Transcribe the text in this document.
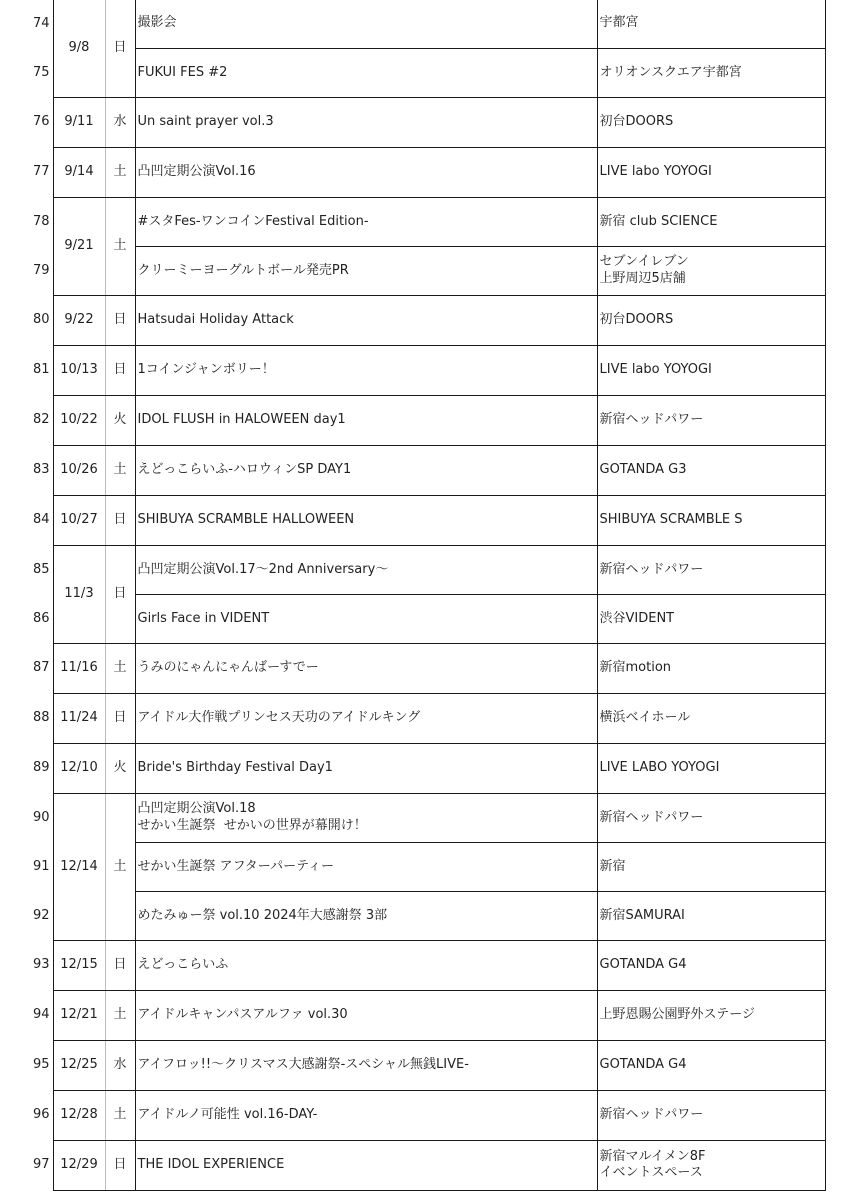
74	9/8	日	撮影会	宇都宮
75			FUKUI FES #2	オリオンスクエア宇都宮
76	9/11	水	Un saint prayer vol.3	初台DOORS
77	9/14	土	凸凹定期公演Vol.16	LIVE labo YOYOGI
78	9/21	土	#スタFes-ワンコインFestival Edition-	新宿 club SCIENCE
79			クリーミーヨーグルトボール発売PR	セブンイレブン
上野周辺5店舗
80	9/22	日	Hatsudai Holiday Attack	初台DOORS
81	10/13	日	1コインジャンボリー！	LIVE labo YOYOGI
82	10/22	火	IDOL FLUSH in HALOWEEN day1	新宿ヘッドパワー
83	10/26	土	えどっこらいふ-ハロウィンSP DAY1	GOTANDA G3
84	10/27	日	SHIBUYA SCRAMBLE HALLOWEEN	SHIBUYA SCRAMBLE S
85	11/3	日	凸凹定期公演Vol.17～2nd Anniversary～	新宿ヘッドパワー
86			Girls Face in VIDENT	渋谷VIDENT
87	11/16	土	うみのにゃんにゃんばーすでー	新宿motion
88	11/24	日	アイドル大作戦プリンセス天功のアイドルキング	横浜ベイホール
89	12/10	火	Bride's Birthday Festival Day1	LIVE LABO YOYOGI
90	12/14	土	凸凹定期公演Vol.18
せかい生誕祭  せかいの世界が幕開け！	新宿ヘッドパワー
91			せかい生誕祭 アフターパーティー	新宿
92			めたみゅー祭 vol.10 2024年大感謝祭 3部	新宿SAMURAI
93	12/15	日	えどっこらいふ	GOTANDA G4
94	12/21	土	アイドルキャンパスアルファ vol.30	上野恩賜公園野外ステージ
95	12/25	水	アイフロッ!!～クリスマス大感謝祭-スペシャル無銭LIVE-	GOTANDA G4
96	12/28	土	アイドルノ可能性 vol.16-DAY-	新宿ヘッドパワー
97	12/29	日	THE IDOL EXPERIENCE	新宿マルイメン8F
イベントスペース
